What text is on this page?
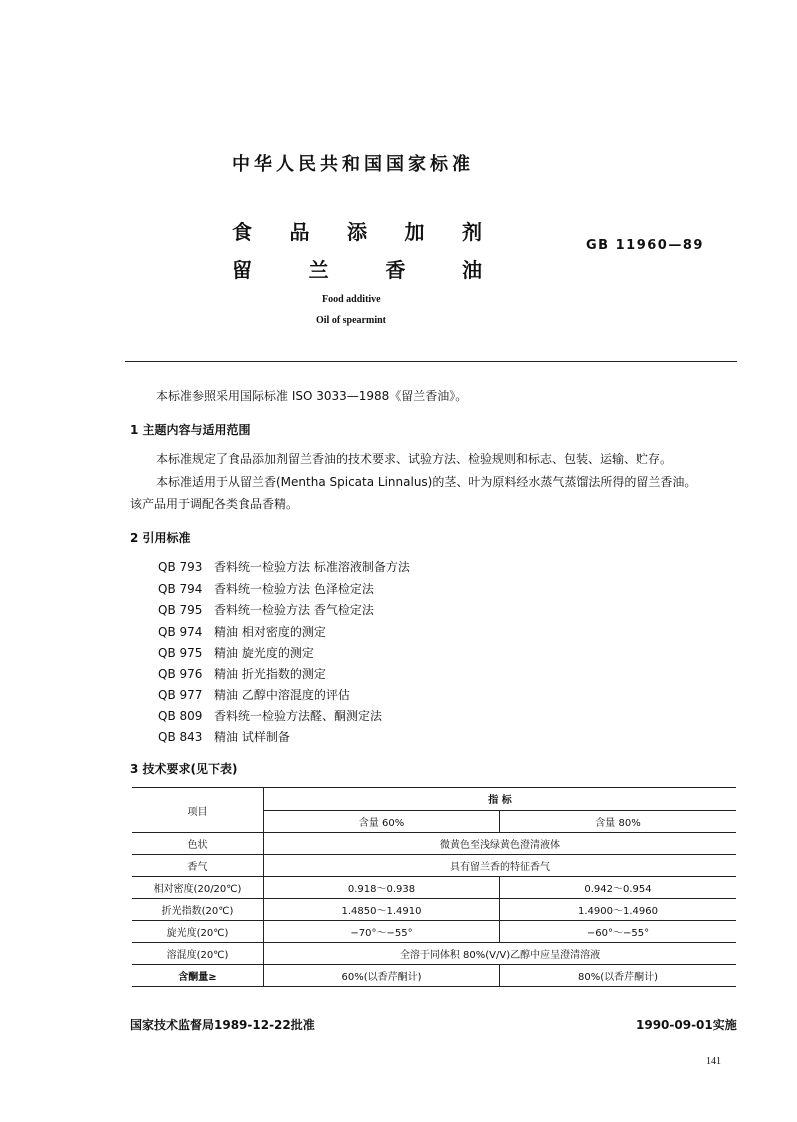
中华人民共和国国家标准
食 品 添 加 剂
留	兰	香	油
GB 11960—89
Food additive
Oil of spearmint
本标准参照采用国际标准 ISO 3033—1988《留兰香油》。
1 主题内容与适用范围
本标准规定了食品添加剂留兰香油的技术要求、试验方法、检验规则和标志、包装、运输、贮存。
本标准适用于从留兰香(Mentha Spicata Linnalus)的茎、叶为原料经水蒸气蒸馏法所得的留兰香油。
该产品用于调配各类食品香精。
2 引用标准
QB 793 香料统一检验方法 标准溶液制备方法
QB 794 香料统一检验方法 色泽检定法
QB 795 香料统一检验方法 香气检定法
QB 974 精油 相对密度的测定
QB 975 精油 旋光度的测定
QB 976 精油 折光指数的测定
QB 977 精油 乙醇中溶混度的评估
QB 809 香料统一检验方法醛、酮测定法
QB 843 精油 试样制备
3 技术要求(见下表)
项目	指 标	
	含量 60%	含量 80%
色状	微黄色至浅绿黄色澄清液体	
香气	具有留兰香的特征香气	
相对密度(20/20℃)	0.918～0.938	0.942～0.954
折光指数(20℃)	1.4850～1.4910	1.4900～1.4960
旋光度(20℃)	−70°～−55°	−60°～−55°
溶混度(20℃)	全溶于同体积 80%(V/V)乙醇中应呈澄清溶液	
含酮量≥	60%(以香芹酮计)	80%(以香芹酮计)
国家技术监督局1989-12-22批准	1990-09-01实施
141
